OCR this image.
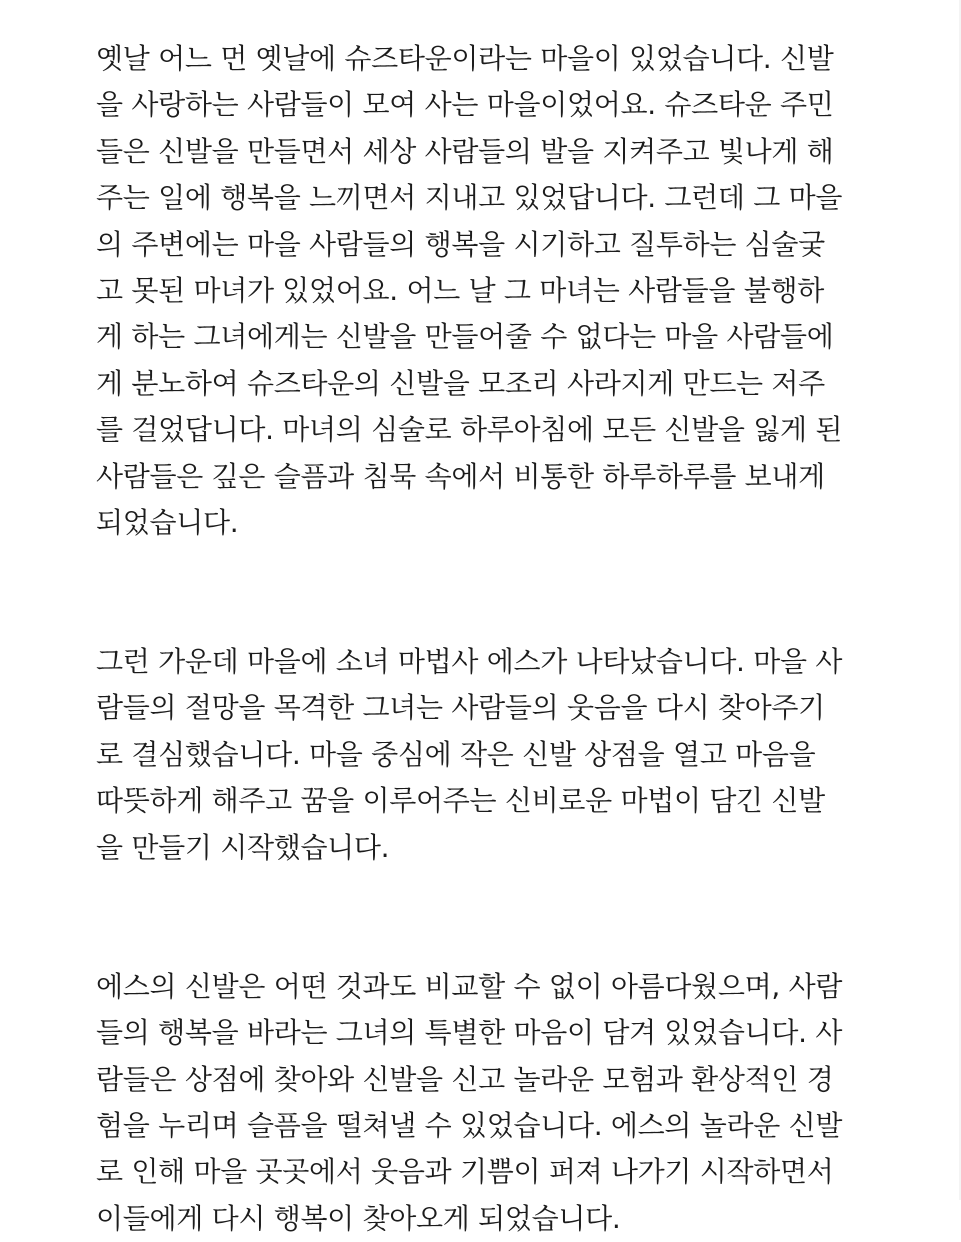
옛날 어느 먼 옛날에 슈즈타운이라는 마을이 있었습니다. 신발
을 사랑하는 사람들이 모여 사는 마을이었어요. 슈즈타운 주민
들은 신발을 만들면서 세상 사람들의 발을 지켜주고 빛나게 해
주는 일에 행복을 느끼면서 지내고 있었답니다. 그런데 그 마을
의 주변에는 마을 사람들의 행복을 시기하고 질투하는 심술궂
고 못된 마녀가 있었어요. 어느 날 그 마녀는 사람들을 불행하
게 하는 그녀에게는 신발을 만들어줄 수 없다는 마을 사람들에
게 분노하여 슈즈타운의 신발을 모조리 사라지게 만드는 저주
를 걸었답니다. 마녀의 심술로 하루아침에 모든 신발을 잃게 된
사람들은 깊은 슬픔과 침묵 속에서 비통한 하루하루를 보내게
되었습니다.
그런 가운데 마을에 소녀 마법사 에스가 나타났습니다. 마을 사
람들의 절망을 목격한 그녀는 사람들의 웃음을 다시 찾아주기
로 결심했습니다. 마을 중심에 작은 신발 상점을 열고 마음을
따뜻하게 해주고 꿈을 이루어주는 신비로운 마법이 담긴 신발
을 만들기 시작했습니다.
에스의 신발은 어떤 것과도 비교할 수 없이 아름다웠으며, 사람
들의 행복을 바라는 그녀의 특별한 마음이 담겨 있었습니다. 사
람들은 상점에 찾아와 신발을 신고 놀라운 모험과 환상적인 경
험을 누리며 슬픔을 떨쳐낼 수 있었습니다. 에스의 놀라운 신발
로 인해 마을 곳곳에서 웃음과 기쁨이 퍼져 나가기 시작하면서
이들에게 다시 행복이 찾아오게 되었습니다.
